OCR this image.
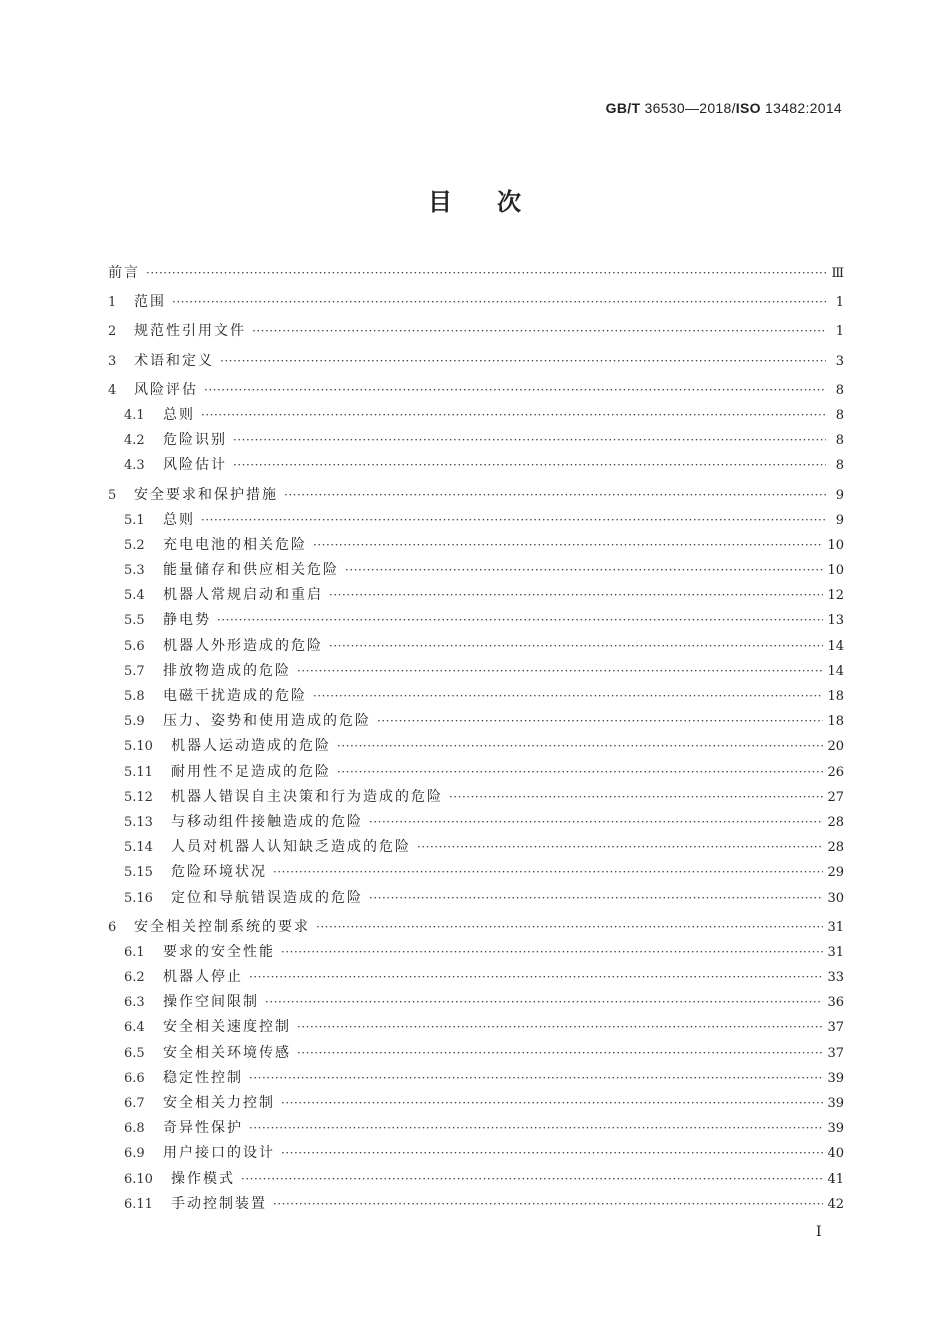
GB/T 36530—2018/ISO 13482:2014
目 次
前言 ·····	Ⅲ
1	范围 ·····	1
2	规范性引用文件 ·····	1
3	术语和定义 ·····	3
4	风险评估 ·····	8
4.1	总则 ·····	8
4.2	危险识别 ·····	8
4.3	风险估计 ·····	8
5	安全要求和保护措施 ·····	9
5.1	总则 ·····	9
5.2	充电电池的相关危险 ·····	10
5.3	能量储存和供应相关危险 ·····	10
5.4	机器人常规启动和重启 ·····	12
5.5	静电势 ·····	13
5.6	机器人外形造成的危险 ·····	14
5.7	排放物造成的危险 ·····	14
5.8	电磁干扰造成的危险 ·····	18
5.9	压力、姿势和使用造成的危险 ·····	18
5.10	机器人运动造成的危险 ·····	20
5.11	耐用性不足造成的危险 ·····	26
5.12	机器人错误自主决策和行为造成的危险 ·····	27
5.13	与移动组件接触造成的危险 ·····	28
5.14	人员对机器人认知缺乏造成的危险 ·····	28
5.15	危险环境状况 ·····	29
5.16	定位和导航错误造成的危险 ·····	30
6	安全相关控制系统的要求 ·····	31
6.1	要求的安全性能 ·····	31
6.2	机器人停止 ·····	33
6.3	操作空间限制 ·····	36
6.4	安全相关速度控制 ·····	37
6.5	安全相关环境传感 ·····	37
6.6	稳定性控制 ·····	39
6.7	安全相关力控制 ·····	39
6.8	奇异性保护 ·····	39
6.9	用户接口的设计 ·····	40
6.10	操作模式 ·····	41
6.11	手动控制装置 ·····	42
I
